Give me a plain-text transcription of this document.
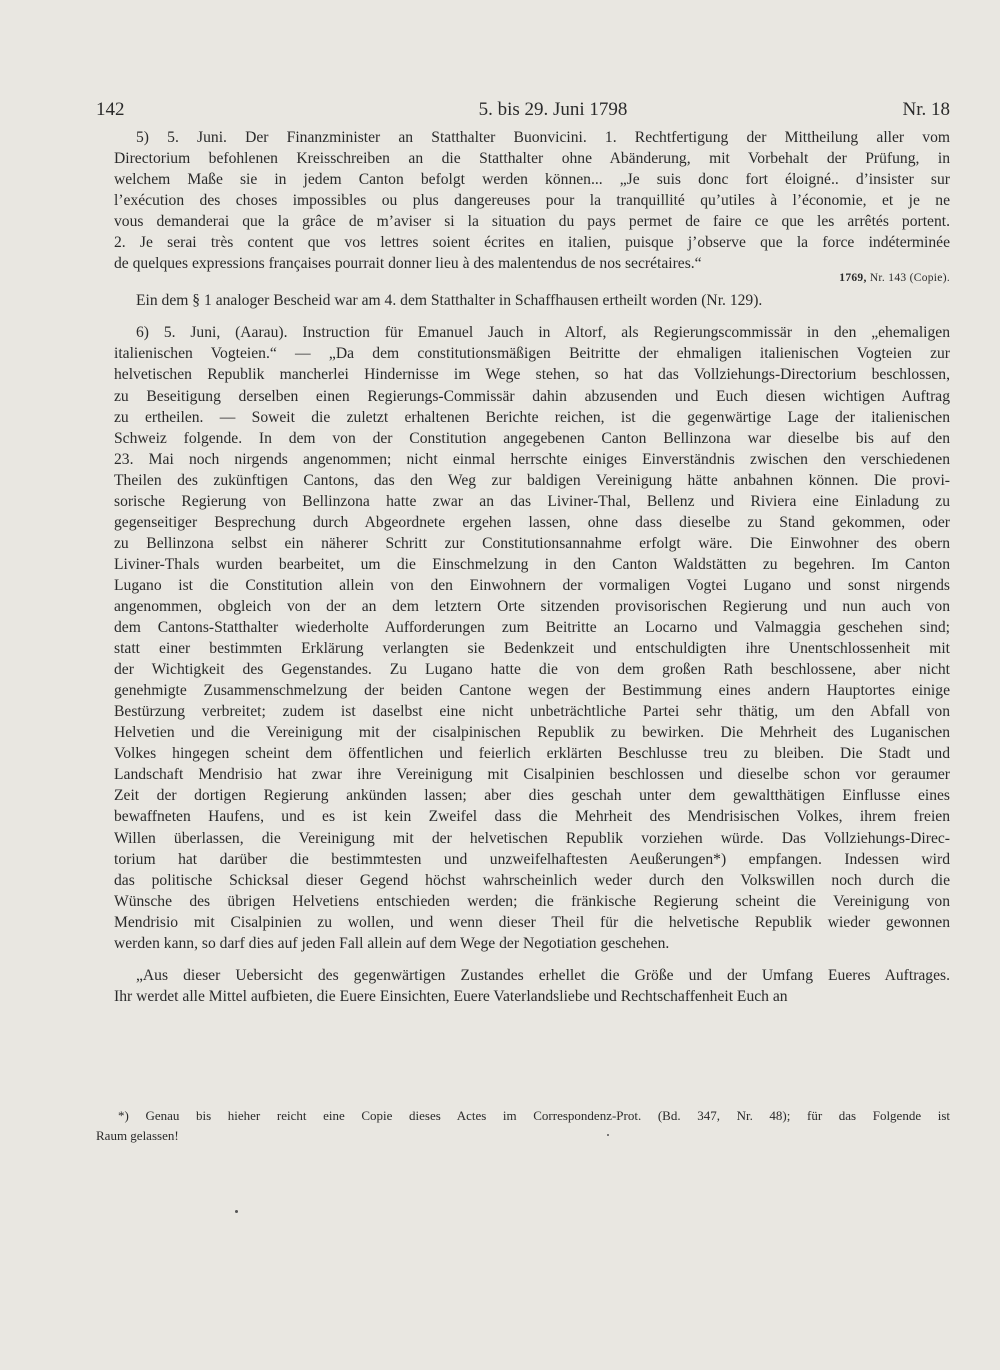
142	5. bis 29. Juni 1798	Nr. 18
5) 5. Juni. Der Finanzminister an Statthalter Buonvicini. 1. Rechtfertigung der Mittheilung aller vom
Directorium befohlenen Kreisschreiben an die Statthalter ohne Abänderung, mit Vorbehalt der Prüfung, in
welchem Maße sie in jedem Canton befolgt werden können... „Je suis donc fort éloigné.. d’insister sur
l’exécution des choses impossibles ou plus dangereuses pour la tranquillité qu’utiles à l’économie, et je ne
vous demanderai que la grâce de m’aviser si la situation du pays permet de faire ce que les arrêtés portent.
2. Je serai très content que vos lettres soient écrites en italien, puisque j’observe que la force indéterminée
de quelques expressions françaises pourrait donner lieu à des malentendus de nos secrétaires.“
1769, Nr. 143 (Copie).
Ein dem § 1 analoger Bescheid war am 4. dem Statthalter in Schaffhausen ertheilt worden (Nr. 129).
6) 5. Juni, (Aarau). Instruction für Emanuel Jauch in Altorf, als Regierungscommissär in den „ehemaligen
italienischen Vogteien.“ — „Da dem constitutionsmäßigen Beitritte der ehmaligen italienischen Vogteien zur
helvetischen Republik mancherlei Hindernisse im Wege stehen, so hat das Vollziehungs-Directorium beschlossen,
zu Beseitigung derselben einen Regierungs-Commissär dahin abzusenden und Euch diesen wichtigen Auftrag
zu ertheilen. — Soweit die zuletzt erhaltenen Berichte reichen, ist die gegenwärtige Lage der italienischen
Schweiz folgende. In dem von der Constitution angegebenen Canton Bellinzona war dieselbe bis auf den
23. Mai noch nirgends angenommen; nicht einmal herrschte einiges Einverständnis zwischen den verschiedenen
Theilen des zukünftigen Cantons, das den Weg zur baldigen Vereinigung hätte anbahnen können. Die provi-
sorische Regierung von Bellinzona hatte zwar an das Liviner-Thal, Bellenz und Riviera eine Einladung zu
gegenseitiger Besprechung durch Abgeordnete ergehen lassen, ohne dass dieselbe zu Stand gekommen, oder
zu Bellinzona selbst ein näherer Schritt zur Constitutionsannahme erfolgt wäre. Die Einwohner des obern
Liviner-Thals wurden bearbeitet, um die Einschmelzung in den Canton Waldstätten zu begehren. Im Canton
Lugano ist die Constitution allein von den Einwohnern der vormaligen Vogtei Lugano und sonst nirgends
angenommen, obgleich von der an dem letztern Orte sitzenden provisorischen Regierung und nun auch von
dem Cantons-Statthalter wiederholte Aufforderungen zum Beitritte an Locarno und Valmaggia geschehen sind;
statt einer bestimmten Erklärung verlangten sie Bedenkzeit und entschuldigten ihre Unentschlossenheit mit
der Wichtigkeit des Gegenstandes. Zu Lugano hatte die von dem großen Rath beschlossene, aber nicht
genehmigte Zusammenschmelzung der beiden Cantone wegen der Bestimmung eines andern Hauptortes einige
Bestürzung verbreitet; zudem ist daselbst eine nicht unbeträchtliche Partei sehr thätig, um den Abfall von
Helvetien und die Vereinigung mit der cisalpinischen Republik zu bewirken. Die Mehrheit des Luganischen
Volkes hingegen scheint dem öffentlichen und feierlich erklärten Beschlusse treu zu bleiben. Die Stadt und
Landschaft Mendrisio hat zwar ihre Vereinigung mit Cisalpinien beschlossen und dieselbe schon vor geraumer
Zeit der dortigen Regierung ankünden lassen; aber dies geschah unter dem gewaltthätigen Einflusse eines
bewaffneten Haufens, und es ist kein Zweifel dass die Mehrheit des Mendrisischen Volkes, ihrem freien
Willen überlassen, die Vereinigung mit der helvetischen Republik vorziehen würde. Das Vollziehungs-Direc-
torium hat darüber die bestimmtesten und unzweifelhaftesten Aeußerungen*) empfangen. Indessen wird
das politische Schicksal dieser Gegend höchst wahrscheinlich weder durch den Volkswillen noch durch die
Wünsche des übrigen Helvetiens entschieden werden; die fränkische Regierung scheint die Vereinigung von
Mendrisio mit Cisalpinien zu wollen, und wenn dieser Theil für die helvetische Republik wieder gewonnen
werden kann, so darf dies auf jeden Fall allein auf dem Wege der Negotiation geschehen.
„Aus dieser Uebersicht des gegenwärtigen Zustandes erhellet die Größe und der Umfang Eueres Auftrages.
Ihr werdet alle Mittel aufbieten, die Euere Einsichten, Euere Vaterlandsliebe und Rechtschaffenheit Euch an
*) Genau bis hieher reicht eine Copie dieses Actes im Correspondenz-Prot. (Bd. 347, Nr. 48); für das Folgende ist
Raum gelassen!
